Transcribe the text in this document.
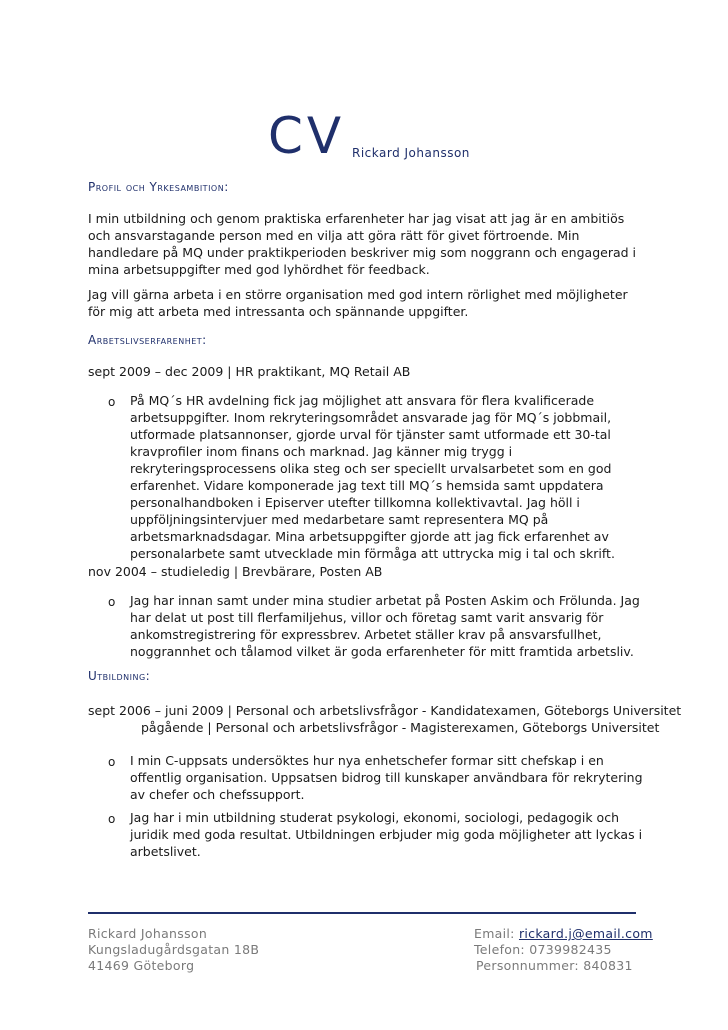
CV Rickard Johansson
Profil och Yrkesambition:

I min utbildning och genom praktiska erfarenheter har jag visat att jag är en ambitiös och ansvarstagande person med en vilja att göra rätt för givet förtroende. Min handledare på MQ under praktikperioden beskriver mig som noggrann och engagerad i mina arbetsuppgifter med god lyhördhet för feedback.

Jag vill gärna arbeta i en större organisation med god intern rörlighet med möjligheter för mig att arbeta med intressanta och spännande uppgifter.

Arbetslivserfarenhet:
sept 2009 – dec 2009 | HR praktikant, MQ Retail AB
o På MQ´s HR avdelning fick jag möjlighet att ansvara för flera kvalificerade arbetsuppgifter. Inom rekryteringsområdet ansvarade jag för MQ´s jobbmail, utformade platsannonser, gjorde urval för tjänster samt utformade ett 30-tal kravprofiler inom finans och marknad. Jag känner mig trygg i rekryteringsprocessens olika steg och ser speciellt urvalsarbetet som en god erfarenhet. Vidare komponerade jag text till MQ´s hemsida samt uppdatera personalhandboken i Episerver utefter tillkomna kollektivavtal. Jag höll i uppföljningsintervjuer med medarbetare samt representera MQ på arbetsmarknadsdagar. Mina arbetsuppgifter gjorde att jag fick erfarenhet av personalarbete samt utvecklade min förmåga att uttrycka mig i tal och skrift.

nov 2004 – studieledig | Brevbärare, Posten AB
o Jag har innan samt under mina studier arbetat på Posten Askim och Frölunda. Jag har delat ut post till flerfamiljehus, villor och företag samt varit ansvarig för ankomstregistrering för expressbrev. Arbetet ställer krav på ansvarsfullhet, noggrannhet och tålamod vilket är goda erfarenheter för mitt framtida arbetsliv.

Utbildning:
sept 2006 – juni 2009 | Personal och arbetslivsfrågor - Kandidatexamen, Göteborgs Universitet
pågående | Personal och arbetslivsfrågor - Magisterexamen, Göteborgs Universitet
o I min C-uppsats undersöktes hur nya enhetschefer formar sitt chefskap i en offentlig organisation. Uppsatsen bidrog till kunskaper användbara för rekrytering av chefer och chefssupport.

o Jag har i min utbildning studerat psykologi, ekonomi, sociologi, pedagogik och juridik med goda resultat. Utbildningen erbjuder mig goda möjligheter att lyckas i arbetslivet.

Rickard Johansson
Kungsladugårdsgatan 18B
41469 Göteborg
Email: rickard.j@email.com
Telefon: 0739982435
Personnummer: 840831
